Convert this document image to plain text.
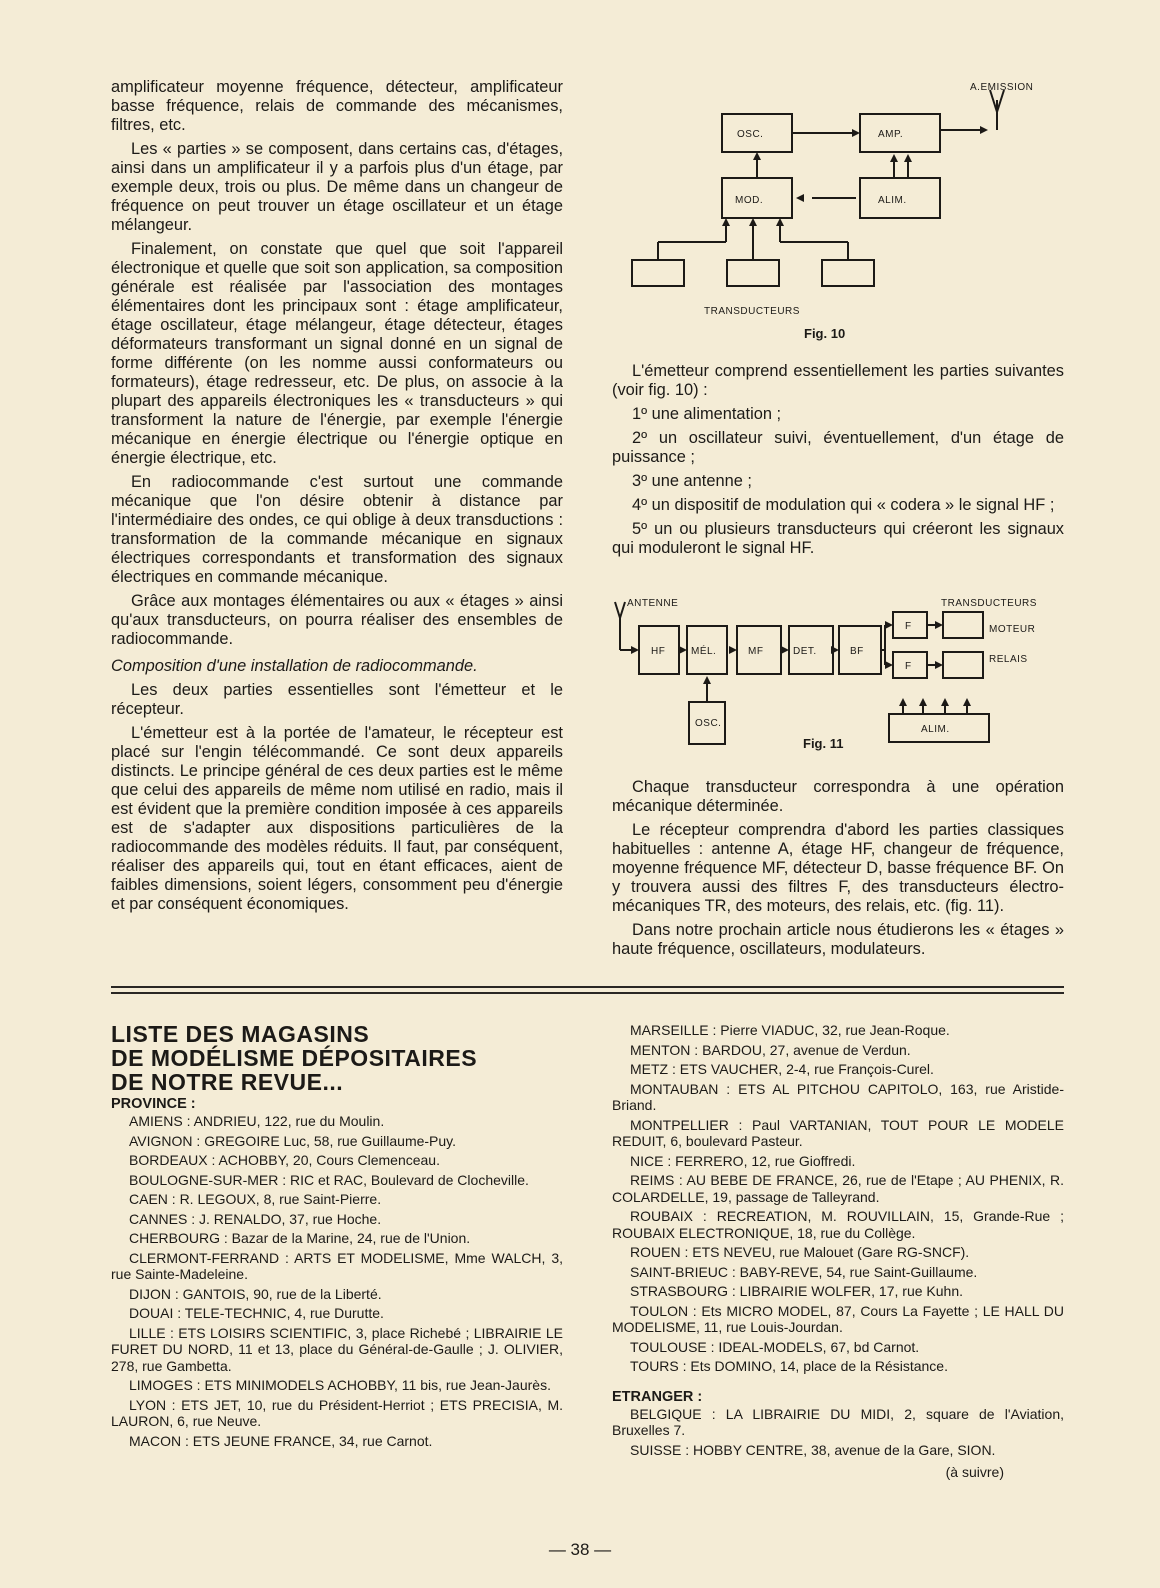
amplificateur moyenne fréquence, détecteur, amplificateur basse fréquence, relais de commande des mécanismes, filtres, etc.

Les « parties » se composent, dans certains cas, d'étages, ainsi dans un amplificateur il y a parfois plus d'un étage, par exemple deux, trois ou plus. De même dans un changeur de fréquence on peut trouver un étage oscillateur et un étage mélangeur.

Finalement, on constate que quel que soit l'appareil électronique et quelle que soit son application, sa composition générale est réalisée par l'association des montages élémentaires dont les principaux sont : étage amplificateur, étage oscillateur, étage mélangeur, étage détecteur, étages déformateurs transformant un signal donné en un signal de forme différente (on les nomme aussi conformateurs ou formateurs), étage redresseur, etc. De plus, on associe à la plupart des appareils électroniques les « transducteurs » qui transforment la nature de l'énergie, par exemple l'énergie mécanique en énergie électrique ou l'énergie optique en énergie électrique, etc.

En radiocommande c'est surtout une commande mécanique que l'on désire obtenir à distance par l'intermédiaire des ondes, ce qui oblige à deux transductions : transformation de la commande mécanique en signaux électriques correspondants et transformation des signaux électriques en commande mécanique.

Grâce aux montages élémentaires ou aux « étages » ainsi qu'aux transducteurs, on pourra réaliser des ensembles de radiocommande.

Composition d'une installation de radiocommande.

Les deux parties essentielles sont l'émetteur et le récepteur.

L'émetteur est à la portée de l'amateur, le récepteur est placé sur l'engin télécommandé. Ce sont deux appareils distincts. Le principe général de ces deux parties est le même que celui des appareils de même nom utilisé en radio, mais il est évident que la première condition imposée à ces appareils est de s'adapter aux dispositions particulières de la radiocommande des modèles réduits. Il faut, par conséquent, réaliser des appareils qui, tout en étant efficaces, aient de faibles dimensions, soient légers, consomment peu d'énergie et par conséquent économiques.

OSC.	AMP.
MOD.	ALIM.
A.EMISSION
TRANSDUCTEURS
Fig. 10

L'émetteur comprend essentiellement les parties suivantes (voir fig. 10) :

1º une alimentation ;

2º un oscillateur suivi, éventuellement, d'un étage de puissance ;

3º une antenne ;

4º un dispositif de modulation qui « codera » le signal HF ;

5º un ou plusieurs transducteurs qui créeront les signaux qui moduleront le signal HF.

ANTENNE
HF	MÉL.	MF	DET.	BF
OSC.
F
F
TRANSDUCTEURS
MOTEUR
RELAIS
ALIM.
Fig. 11

Chaque transducteur correspondra à une opération mécanique déterminée.

Le récepteur comprendra d'abord les parties classiques habituelles : antenne A, étage HF, changeur de fréquence, moyenne fréquence MF, détecteur D, basse fréquence BF. On y trouvera aussi des filtres F, des transducteurs électro-mécaniques TR, des moteurs, des relais, etc. (fig. 11).

Dans notre prochain article nous étudierons les « étages » haute fréquence, oscillateurs, modulateurs.

LISTE DES MAGASINS
DE MODÉLISME DÉPOSITAIRES
DE NOTRE REVUE...
PROVINCE :
AMIENS : ANDRIEU, 122, rue du Moulin.
AVIGNON : GREGOIRE Luc, 58, rue Guillaume-Puy.
BORDEAUX : ACHOBBY, 20, Cours Clemenceau.
BOULOGNE-SUR-MER : RIC et RAC, Boulevard de Clocheville.
CAEN : R. LEGOUX, 8, rue Saint-Pierre.
CANNES : J. RENALDO, 37, rue Hoche.
CHERBOURG : Bazar de la Marine, 24, rue de l'Union.
CLERMONT-FERRAND : ARTS ET MODELISME, Mme WALCH, 3, rue Sainte-Madeleine.
DIJON : GANTOIS, 90, rue de la Liberté.
DOUAI : TELE-TECHNIC, 4, rue Durutte.
LILLE : ETS LOISIRS SCIENTIFIC, 3, place Richebé ; LIBRAIRIE LE FURET DU NORD, 11 et 13, place du Général-de-Gaulle ; J. OLIVIER, 278, rue Gambetta.
LIMOGES : ETS MINIMODELS ACHOBBY, 11 bis, rue Jean-Jaurès.
LYON : ETS JET, 10, rue du Président-Herriot ; ETS PRECISIA, M. LAURON, 6, rue Neuve.
MACON : ETS JEUNE FRANCE, 34, rue Carnot.
MARSEILLE : Pierre VIADUC, 32, rue Jean-Roque.
MENTON : BARDOU, 27, avenue de Verdun.
METZ : ETS VAUCHER, 2-4, rue François-Curel.
MONTAUBAN : ETS AL PITCHOU CAPITOLO, 163, rue Aristide-Briand.
MONTPELLIER : Paul VARTANIAN, TOUT POUR LE MODELE REDUIT, 6, boulevard Pasteur.
NICE : FERRERO, 12, rue Gioffredi.
REIMS : AU BEBE DE FRANCE, 26, rue de l'Etape ; AU PHENIX, R. COLARDELLE, 19, passage de Talleyrand.
ROUBAIX : RECREATION, M. ROUVILLAIN, 15, Grande-Rue ; ROUBAIX ELECTRONIQUE, 18, rue du Collège.
ROUEN : ETS NEVEU, rue Malouet (Gare RG-SNCF).
SAINT-BRIEUC : BABY-REVE, 54, rue Saint-Guillaume.
STRASBOURG : LIBRAIRIE WOLFER, 17, rue Kuhn.
TOULON : Ets MICRO MODEL, 87, Cours La Fayette ; LE HALL DU MODELISME, 11, rue Louis-Jourdan.
TOULOUSE : IDEAL-MODELS, 67, bd Carnot.
TOURS : Ets DOMINO, 14, place de la Résistance.
ETRANGER :
BELGIQUE : LA LIBRAIRIE DU MIDI, 2, square de l'Aviation, Bruxelles 7.
SUISSE : HOBBY CENTRE, 38, avenue de la Gare, SION.
(à suivre)
— 38 —
